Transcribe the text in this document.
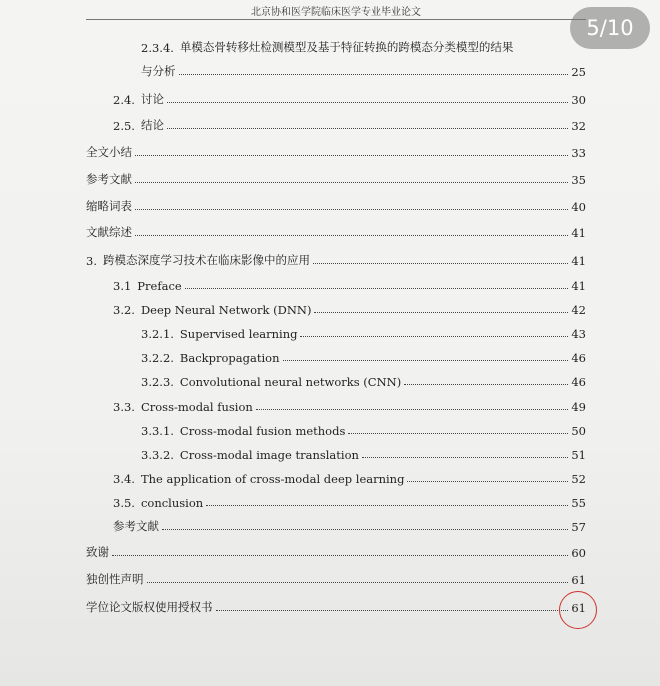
北京协和医学院临床医学专业毕业论文
2.3.4. 单模态骨转移灶检测模型及基于特征转换的跨模态分类模型的结果
与分析	25
2.4. 讨论	30
2.5. 结论	32
全文小结	33
参考文献	35
缩略词表	40
文献综述	41
3. 跨模态深度学习技术在临床影像中的应用	41
3.1 Preface	41
3.2. Deep Neural Network (DNN)	42
3.2.1. Supervised learning	43
3.2.2. Backpropagation	46
3.2.3. Convolutional neural networks (CNN)	46
3.3. Cross-modal fusion	49
3.3.1. Cross-modal fusion methods	50
3.3.2. Cross-modal image translation	51
3.4. The application of cross-modal deep learning	52
3.5. conclusion	55
参考文献	57
致谢	60
独创性声明	61
学位论文版权使用授权书	61
5/10
